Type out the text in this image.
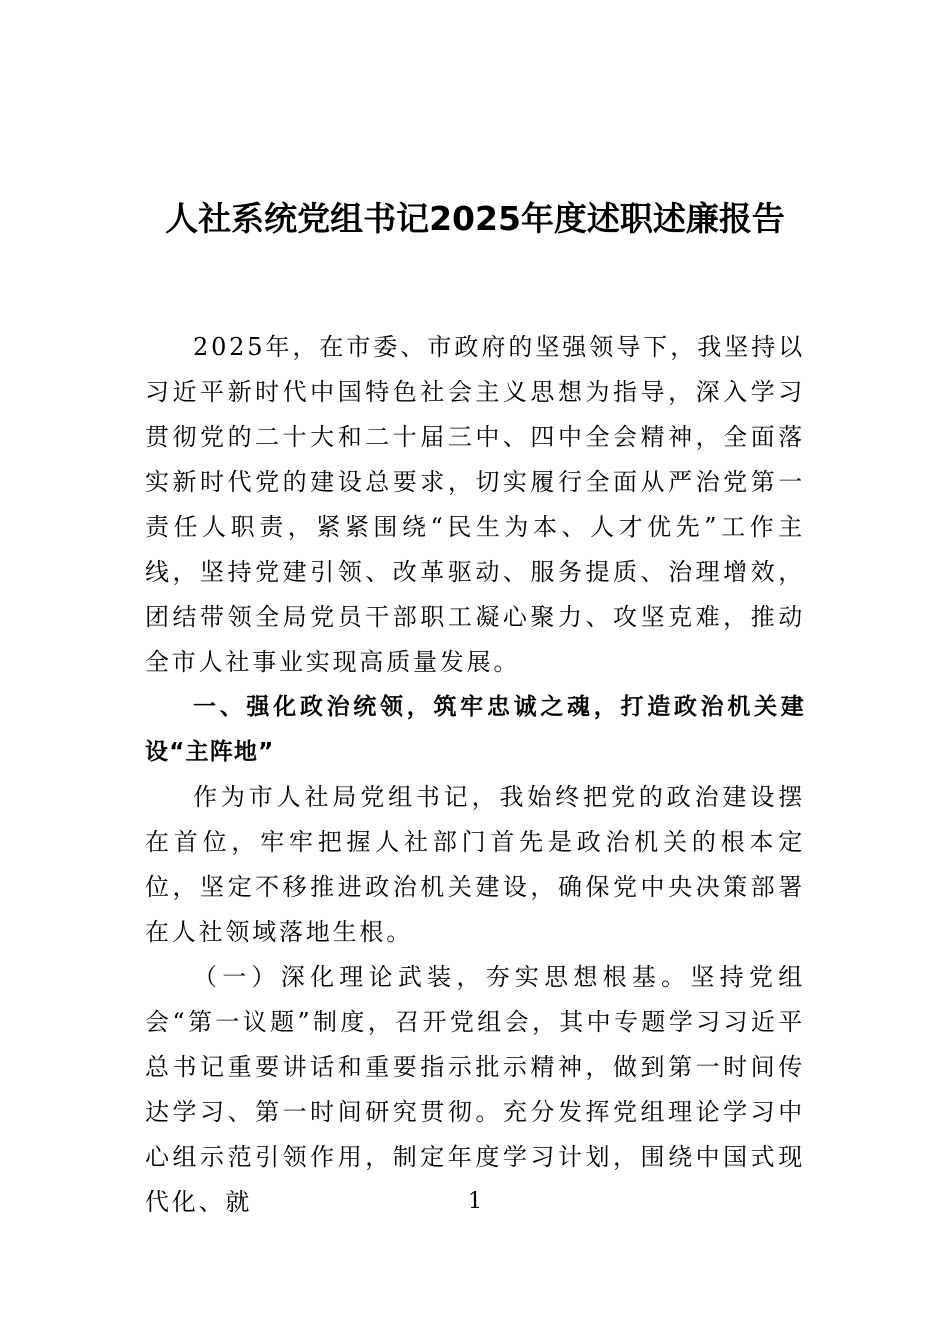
人社系统党组书记2025年度述职述廉报告

2025年，在市委、市政府的坚强领导下，我坚持以习近平新时代中国特色社会主义思想为指导，深入学习贯彻党的二十大和二十届三中、四中全会精神，全面落实新时代党的建设总要求，切实履行全面从严治党第一责任人职责，紧紧围绕“民生为本、人才优先”工作主线，坚持党建引领、改革驱动、服务提质、治理增效，团结带领全局党员干部职工凝心聚力、攻坚克难，推动全市人社事业实现高质量发展。

一、强化政治统领，筑牢忠诚之魂，打造政治机关建设“主阵地”

作为市人社局党组书记，我始终把党的政治建设摆在首位，牢牢把握人社部门首先是政治机关的根本定位，坚定不移推进政治机关建设，确保党中央决策部署在人社领域落地生根。

（一）深化理论武装，夯实思想根基。坚持党组会“第一议题”制度，召开党组会，其中专题学习习近平总书记重要讲话和重要指示批示精神，做到第一时间传达学习、第一时间研究贯彻。充分发挥党组理论学习中心组示范引领作用，制定年度学习计划，围绕中国式现代化、就	1
